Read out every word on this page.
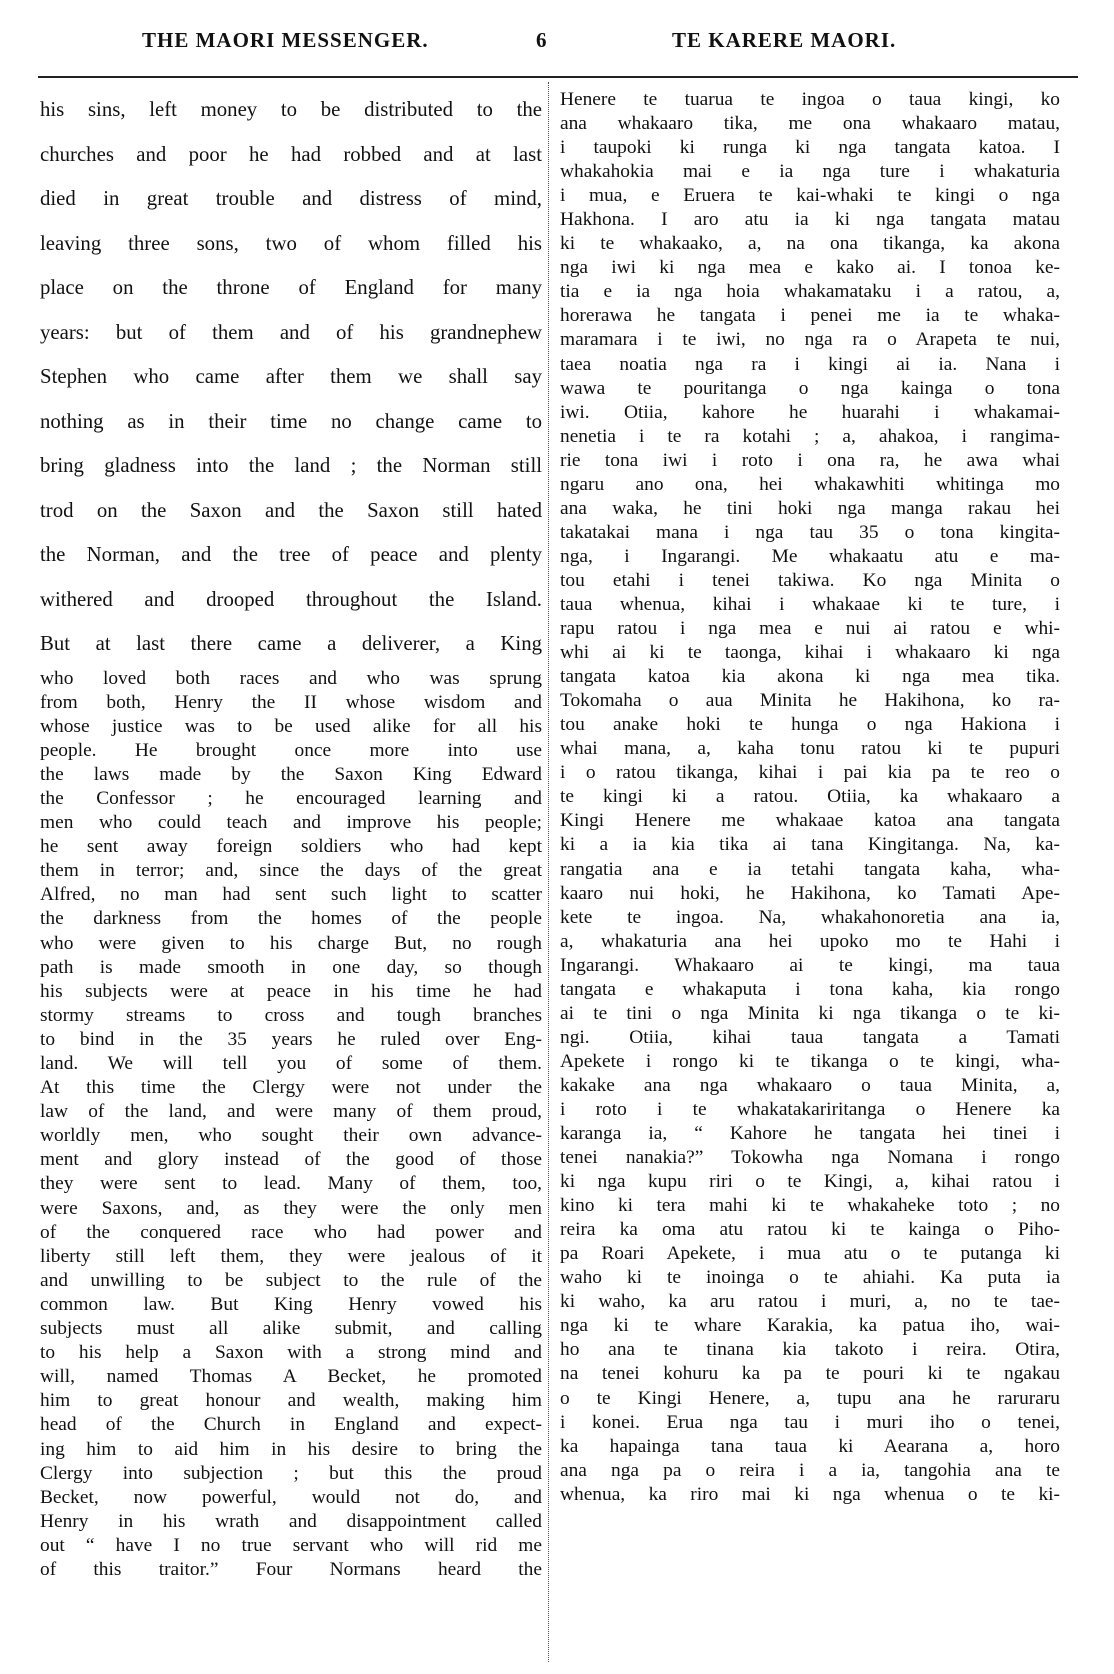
THE MAORI MESSENGER.	6	TE KARERE MAORI.
his sins, left money to be distributed to the
churches and poor he had robbed and at last
died in great trouble and distress of mind,
leaving three sons, two of whom filled his
place on the throne of England for many
years: but of them and of his grandnephew
Stephen who came after them we shall say
nothing as in their time no change came to
bring gladness into the land ; the Norman still
trod on the Saxon and the Saxon still hated
the Norman, and the tree of peace and plenty
withered and drooped throughout the Island.
But at last there came a deliverer, a King
who loved both races and who was sprung
from both, Henry the II whose wisdom and
whose justice was to be used alike for all his
people. He brought once more into use
the laws made by the Saxon King Edward
the Confessor ; he encouraged learning and
men who could teach and improve his people;
he sent away foreign soldiers who had kept
them in terror; and, since the days of the great
Alfred, no man had sent such light to scatter
the darkness from the homes of the people
who were given to his charge But, no rough
path is made smooth in one day, so though
his subjects were at peace in his time he had
stormy streams to cross and tough branches
to bind in the 35 years he ruled over Eng-
land. We will tell you of some of them.
At this time the Clergy were not under the
law of the land, and were many of them proud,
worldly men, who sought their own advance-
ment and glory instead of the good of those
they were sent to lead. Many of them, too,
were Saxons, and, as they were the only men
of the conquered race who had power and
liberty still left them, they were jealous of it
and unwilling to be subject to the rule of the
common law. But King Henry vowed his
subjects must all alike submit, and calling
to his help a Saxon with a strong mind and
will, named Thomas A Becket, he promoted
him to great honour and wealth, making him
head of the Church in England and expect-
ing him to aid him in his desire to bring the
Clergy into subjection ; but this the proud
Becket, now powerful, would not do, and
Henry in his wrath and disappointment called
out “ have I no true servant who will rid me
of this traitor.” Four Normans heard the
Henere te tuarua te ingoa o taua kingi, ko
ana whakaaro tika, me ona whakaaro matau,
i taupoki ki runga ki nga tangata katoa. I
whakahokia mai e ia nga ture i whakaturia
i mua, e Eruera te kai-whaki te kingi o nga
Hakhona. I aro atu ia ki nga tangata matau
ki te whakaako, a, na ona tikanga, ka akona
nga iwi ki nga mea e kako ai. I tonoa ke-
tia e ia nga hoia whakamataku i a ratou, a,
horerawa he tangata i penei me ia te whaka-
maramara i te iwi, no nga ra o Arapeta te nui,
taea noatia nga ra i kingi ai ia. Nana i
wawa te pouritanga o nga kainga o tona
iwi. Otiia, kahore he huarahi i whakamai-
nenetia i te ra kotahi ; a, ahakoa, i rangima-
rie tona iwi i roto i ona ra, he awa whai
ngaru ano ona, hei whakawhiti whitinga mo
ana waka, he tini hoki nga manga rakau hei
takatakai mana i nga tau 35 o tona kingita-
nga, i Ingarangi. Me whakaatu atu e ma-
tou etahi i tenei takiwa. Ko nga Minita o
taua whenua, kihai i whakaae ki te ture, i
rapu ratou i nga mea e nui ai ratou e whi-
whi ai ki te taonga, kihai i whakaaro ki nga
tangata katoa kia akona ki nga mea tika.
Tokomaha o aua Minita he Hakihona, ko ra-
tou anake hoki te hunga o nga Hakiona i
whai mana, a, kaha tonu ratou ki te pupuri
i o ratou tikanga, kihai i pai kia pa te reo o
te kingi ki a ratou. Otiia, ka whakaaro a
Kingi Henere me whakaae katoa ana tangata
ki a ia kia tika ai tana Kingitanga. Na, ka-
rangatia ana e ia tetahi tangata kaha, wha-
kaaro nui hoki, he Hakihona, ko Tamati Ape-
kete te ingoa. Na, whakahonoretia ana ia,
a, whakaturia ana hei upoko mo te Hahi i
Ingarangi. Whakaaro ai te kingi, ma taua
tangata e whakaputa i tona kaha, kia rongo
ai te tini o nga Minita ki nga tikanga o te ki-
ngi. Otiia, kihai taua tangata a Tamati
Apekete i rongo ki te tikanga o te kingi, wha-
kakake ana nga whakaaro o taua Minita, a,
i roto i te whakatakariritanga o Henere ka
karanga ia, “ Kahore he tangata hei tinei i
tenei nanakia?” Tokowha nga Nomana i rongo
ki nga kupu riri o te Kingi, a, kihai ratou i
kino ki tera mahi ki te whakaheke toto ; no
reira ka oma atu ratou ki te kainga o Piho-
pa Roari Apekete, i mua atu o te putanga ki
waho ki te inoinga o te ahiahi. Ka puta ia
ki waho, ka aru ratou i muri, a, no te tae-
nga ki te whare Karakia, ka patua iho, wai-
ho ana te tinana kia takoto i reira. Otira,
na tenei kohuru ka pa te pouri ki te ngakau
o te Kingi Henere, a, tupu ana he raruraru
i konei. Erua nga tau i muri iho o tenei,
ka hapainga tana taua ki Aearana a, horo
ana nga pa o reira i a ia, tangohia ana te
whenua, ka riro mai ki nga whenua o te ki-
